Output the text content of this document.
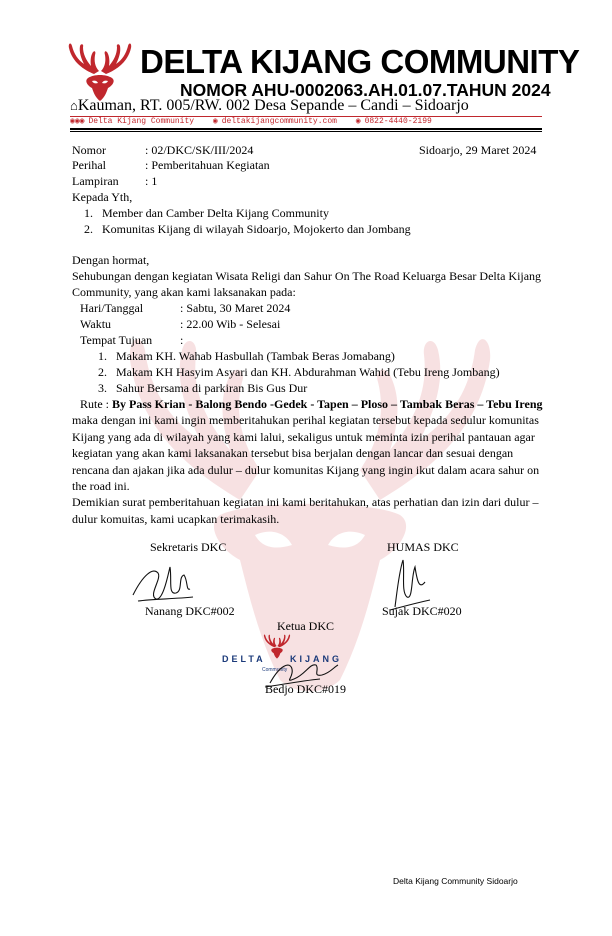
DELTA KIJANG COMMUNITY
NOMOR AHU-0002063.AH.01.07.TAHUN 2024
⌂Kauman, RT. 005/RW. 002 Desa Sepande – Candi – Sidoarjo
◉◉◉ Delta Kijang Community ◉ deltakijangcommunity.com ◉ 0822-4440-2199
Nomor	: 02/DKC/SK/III/2024	Sidoarjo, 29 Maret 2024
Perihal	: Pemberitahuan Kegiatan
Lampiran : 1
Kepada Yth,
1.   Member dan Camber Delta Kijang Community
2.   Komunitas Kijang di wilayah Sidoarjo, Mojokerto dan Jombang
Dengan hormat,
Sehubungan dengan kegiatan Wisata Religi dan Sahur On The Road Keluarga Besar Delta Kijang
Community, yang akan kami laksanakan pada:
Hari/Tanggal	: Sabtu, 30 Maret 2024
Waktu	: 22.00 Wib - Selesai
Tempat Tujuan :
1.   Makam KH. Wahab Hasbullah (Tambak Beras Jomabang)
2.   Makam KH Hasyim Asyari dan KH. Abdurahman Wahid (Tebu Ireng Jombang)
3.   Sahur Bersama di parkiran Bis Gus Dur
Rute : By Pass Krian - Balong Bendo -Gedek - Tapen – Ploso – Tambak Beras – Tebu Ireng
maka dengan ini kami ingin memberitahukan perihal kegiatan tersebut kepada sedulur komunitas
Kijang yang ada di wilayah yang kami lalui, sekaligus untuk meminta izin perihal pantauan agar
kegiatan yang akan kami laksanakan tersebut bisa berjalan dengan lancar dan sesuai dengan
rencana dan ajakan jika ada dulur – dulur komunitas Kijang yang ingin ikut dalam acara sahur on
the road ini.
Demikian surat pemberitahuan kegiatan ini kami beritahukan, atas perhatian dan izin dari dulur –
dulur komuitas, kami ucapkan terimakasih.
Sekretaris DKC
Nanang DKC#002
HUMAS DKC
Sujak DKC#020
Ketua DKC
DELTA	KIJANG
Community
Bedjo DKC#019
Delta Kijang Community Sidoarjo
